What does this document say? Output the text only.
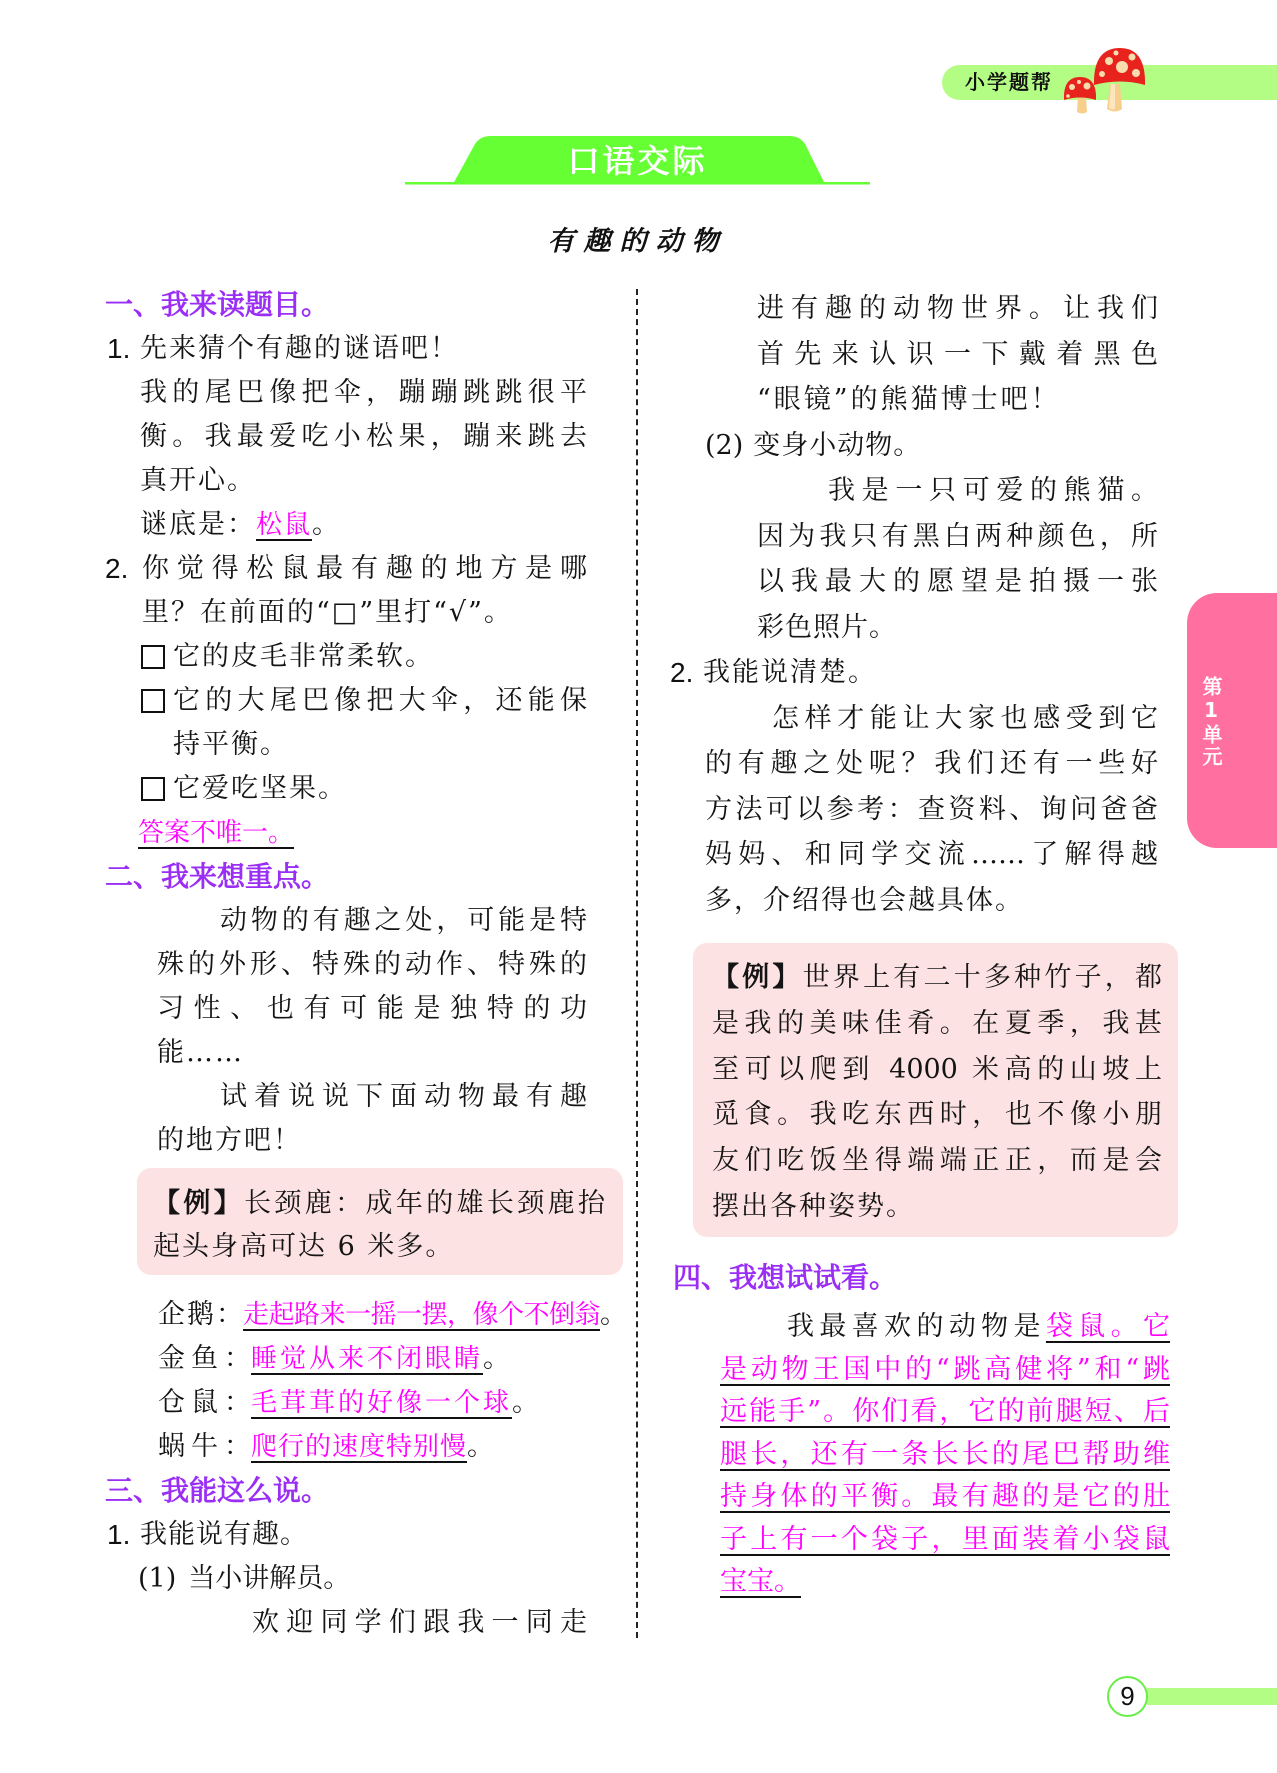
小学题帮
口语交际
有趣的动物
一、我来读题目。
1. 先来猜个有趣的谜语吧！
我的尾巴像把伞，蹦蹦跳跳很平
衡。我最爱吃小松果，蹦来跳去
真开心。
谜底是：松鼠。
2. 你觉得松鼠最有趣的地方是哪
里？在前面的“□”里打“√”。
它的皮毛非常柔软。
它的大尾巴像把大伞，还能保
持平衡。
它爱吃坚果。
答案不唯一。
二、我来想重点。
动物的有趣之处，可能是特
殊的外形、特殊的动作、特殊的
习性、也有可能是独特的功
能……
试着说说下面动物最有趣
的地方吧！
【例】长颈鹿：成年的雄长颈鹿抬
起头身高可达 6 米多。
企鹅：走起路来一摇一摆，像个不倒翁。
金鱼：睡觉从来不闭眼睛。
仓鼠：毛茸茸的好像一个球。
蜗牛：爬行的速度特别慢。
三、我能这么说。
1. 我能说有趣。
(1) 当小讲解员。
欢迎同学们跟我一同走
进有趣的动物世界。让我们
首先来认识一下戴着黑色
“眼镜”的熊猫博士吧！
(2) 变身小动物。
我是一只可爱的熊猫。
因为我只有黑白两种颜色，所
以我最大的愿望是拍摄一张
彩色照片。
2. 我能说清楚。
怎样才能让大家也感受到它
的有趣之处呢？我们还有一些好
方法可以参考：查资料、询问爸爸
妈妈、和同学交流……了解得越
多，介绍得也会越具体。
【例】世界上有二十多种竹子，都
是我的美味佳肴。在夏季，我甚
至可以爬到 4000 米高的山坡上
觅食。我吃东西时，也不像小朋
友们吃饭坐得端端正正，而是会
摆出各种姿势。
四、我想试试看。
我最喜欢的动物是袋鼠。它
是动物王国中的“跳高健将”和“跳
远能手”。你们看，它的前腿短、后
腿长，还有一条长长的尾巴帮助维
持身体的平衡。最有趣的是它的肚
子上有一个袋子，里面装着小袋鼠
宝宝。
第1单元
9
